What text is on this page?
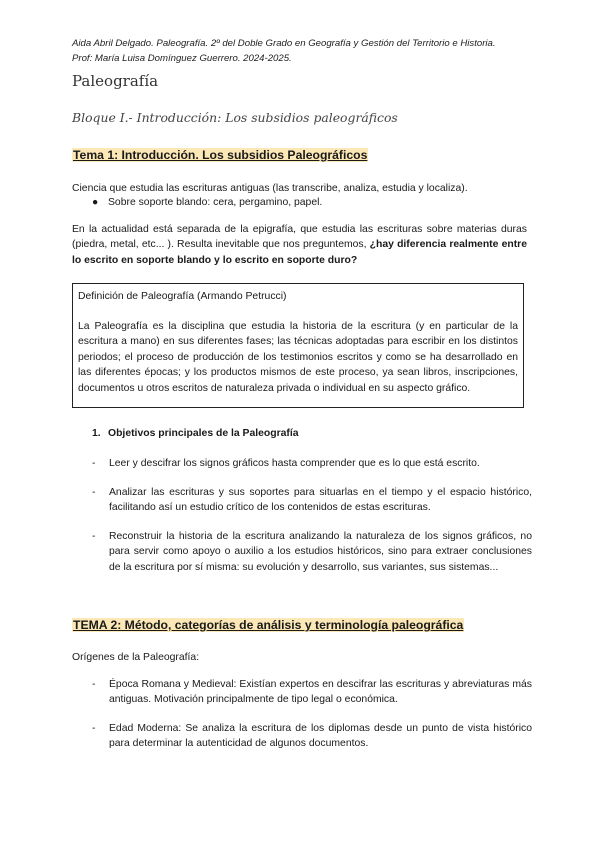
Aida Abril Delgado. Paleografía. 2º del Doble Grado en Geografía y Gestión del Territorio e Historia.
Prof: María Luisa Domínguez Guerrero. 2024-2025.
Paleografía
Bloque I.- Introducción: Los subsidios paleográficos
Tema 1: Introducción. Los subsidios Paleográficos
Ciencia que estudia las escrituras antiguas (las transcribe, analiza, estudia y localiza).
● Sobre soporte blando: cera, pergamino, papel.
En la actualidad está separada de la epigrafía, que estudia las escrituras sobre materias duras (piedra, metal, etc... ). Resulta inevitable que nos preguntemos, ¿hay diferencia realmente entre lo escrito en soporte blando y lo escrito en soporte duro?
Definición de Paleografía (Armando Petrucci)
La Paleografía es la disciplina que estudia la historia de la escritura (y en particular de la escritura a mano) en sus diferentes fases; las técnicas adoptadas para escribir en los distintos periodos; el proceso de producción de los testimonios escritos y como se ha desarrollado en las diferentes épocas; y los productos mismos de este proceso, ya sean libros, inscripciones, documentos u otros escritos de naturaleza privada o individual en su aspecto gráfico.
1. Objetivos principales de la Paleografía
- Leer y descifrar los signos gráficos hasta comprender que es lo que está escrito.
- Analizar las escrituras y sus soportes para situarlas en el tiempo y el espacio histórico, facilitando así un estudio crítico de los contenidos de estas escrituras.
- Reconstruir la historia de la escritura analizando la naturaleza de los signos gráficos, no para servir como apoyo o auxilio a los estudios históricos, sino para extraer conclusiones de la escritura por sí misma: su evolución y desarrollo, sus variantes, sus sistemas...
TEMA 2: Método, categorías de análisis y terminología paleográfica
Orígenes de la Paleografía:
- Época Romana y Medieval: Existían expertos en descifrar las escrituras y abreviaturas más antiguas. Motivación principalmente de tipo legal o económica.
- Edad Moderna: Se analiza la escritura de los diplomas desde un punto de vista histórico para determinar la autenticidad de algunos documentos.
